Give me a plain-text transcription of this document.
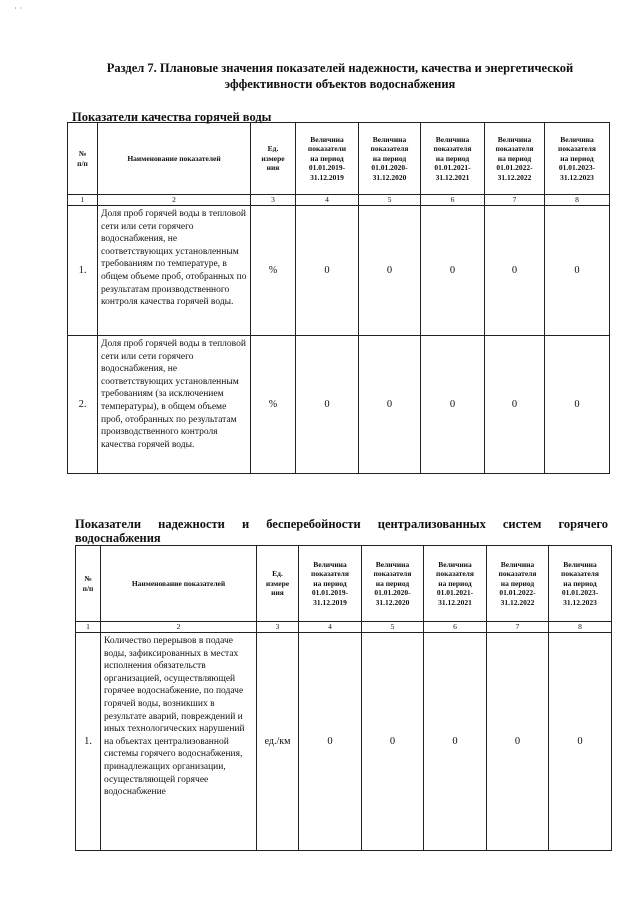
˙ ˙
Раздел 7. Плановые значения показателей надежности, качества и энергетической
эффективности объектов водоснабжения
Показатели качества горячей воды
№
п/п	Наименование показателей	Ед.
измере
ния	Величина
показатели
на период
01.01.2019-
31.12.2019	Величина
показателя
на период
01.01.2020-
31.12.2020	Величина
показателя
на период
01.01.2021-
31.12.2021	Величина
показателя
на период
01.01.2022-
31.12.2022	Величина
показателя
на период
01.01.2023-
31.12.2023
1	2	3	4	5	6	7	8
1.	Доля проб горячей воды в тепловой сети или сети горячего водоснабжения, не соответствующих установленным требованиям по температуре, в общем объеме проб, отобранных по результатам производственного контроля качества горячей воды.	%	0	0	0	0	0
2.	Доля проб горячей воды в тепловой сети или сети горячего водоснабжения, не соответствующих установленным требованиям (за исключением температуры), в общем объеме проб, отобранных по результатам производственного контроля качества горячей воды.	%	0	0	0	0	0
Показатели надежности и бесперебойности централизованных систем горячего
водоснабжения
№
п/п	Наименование показателей	Ед.
измере
ния	Величина
показателя
на период
01.01.2019-
31.12.2019	Величина
показателя
на период
01.01.2020-
31.12.2020	Величина
показателя
на период
01.01.2021-
31.12.2021	Величина
показателя
на период
01.01.2022-
31.12.2022	Величина
показателя
на период
01.01.2023-
31.12.2023
1	2	3	4	5	6	7	8
1.	Количество перерывов в подаче воды, зафиксированных в местах исполнения обязательств организацией, осуществляющей горячее водоснабжение, по подаче горячей воды, возникших в результате аварий, повреждений и иных технологических нарушений на объектах централизованной системы горячего водоснабжения, принадлежащих организации, осуществляющей горячее водоснабжение	ед./км	0	0	0	0	0
